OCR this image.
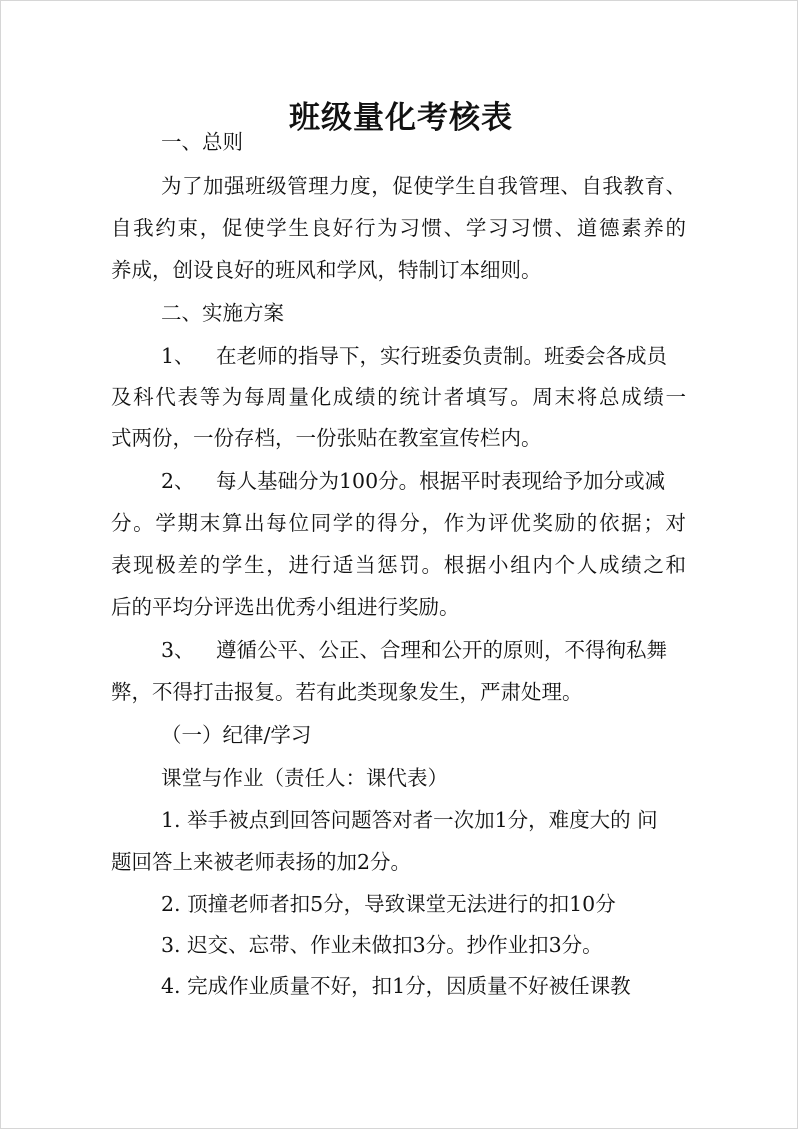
班级量化考核表

一、总则

为了加强班级管理力度，促使学生自我管理、自我教育、

自我约束，促使学生良好行为习惯、学习习惯、道德素养的

养成，创设良好的班风和学风，特制订本细则。

二、实施方案

1、 在老师的指导下，实行班委负责制。班委会各成员

及科代表等为每周量化成绩的统计者填写。周末将总成绩一

式两份，一份存档，一份张贴在教室宣传栏内。

2、 每人基础分为100分。根据平时表现给予加分或减

分。学期末算出每位同学的得分，作为评优奖励的依据；对

表现极差的学生，进行适当惩罚。根据小组内个人成绩之和

后的平均分评选出优秀小组进行奖励。

3、 遵循公平、公正、合理和公开的原则，不得徇私舞

弊，不得打击报复。若有此类现象发生，严肃处理。

（一）纪律/学习

课堂与作业（责任人：课代表）

1. 举手被点到回答问题答对者一次加1分，难度大的 问

题回答上来被老师表扬的加2分。

2. 顶撞老师者扣5分，导致课堂无法进行的扣10分

3. 迟交、忘带、作业未做扣3分。抄作业扣3分。

4. 完成作业质量不好，扣1分，因质量不好被任课教
